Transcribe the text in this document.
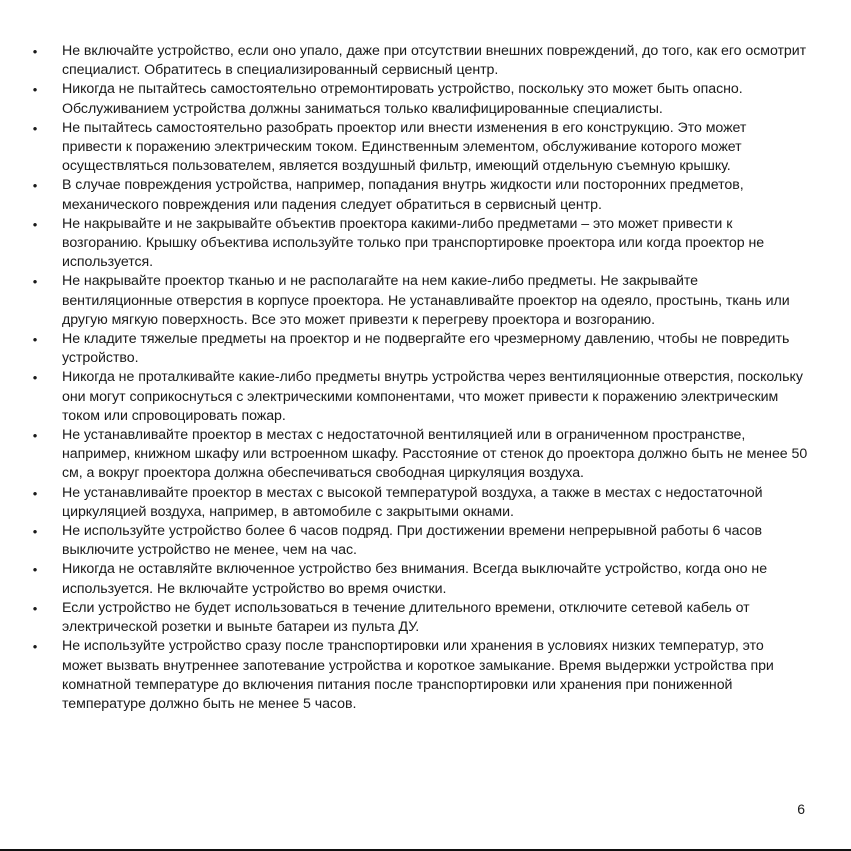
• Не включайте устройство, если оно упало, даже при отсутствии внешних повреждений, до того, как его осмотрит специалист. Обратитесь в специализированный сервисный центр.
• Никогда не пытайтесь самостоятельно отремонтировать устройство, поскольку это может быть опасно. Обслуживанием устройства должны заниматься только квалифицированные специалисты.
• Не пытайтесь самостоятельно разобрать проектор или внести изменения в его конструкцию. Это может привести к поражению электрическим током. Единственным элементом, обслуживание которого может осуществляться пользователем, является воздушный фильтр, имеющий отдельную съемную крышку.
• В случае повреждения устройства, например, попадания внутрь жидкости или посторонних предметов, механического повреждения или падения следует обратиться в сервисный центр.
• Не накрывайте и не закрывайте объектив проектора какими-либо предметами – это может привести к возгоранию. Крышку объектива используйте только при транспортировке проектора или когда проектор не используется.
• Не накрывайте проектор тканью и не располагайте на нем какие-либо предметы. Не закрывайте вентиляционные отверстия в корпусе проектора. Не устанавливайте проектор на одеяло, простынь, ткань или другую мягкую поверхность. Все это может привезти к перегреву проектора и возгоранию.
• Не кладите тяжелые предметы на проектор и не подвергайте его чрезмерному давлению, чтобы не повредить устройство.
• Никогда не проталкивайте какие-либо предметы внутрь устройства через вентиляционные отверстия, поскольку они могут соприкоснуться с электрическими компонентами, что может привести к поражению электрическим током или спровоцировать пожар.
• Не устанавливайте проектор в местах с недостаточной вентиляцией или в ограниченном пространстве, например, книжном шкафу или встроенном шкафу. Расстояние от стенок до проектора должно быть не менее 50 см, а вокруг проектора должна обеспечиваться свободная циркуляция воздуха.
• Не устанавливайте проектор в местах с высокой температурой воздуха, а также в местах с недостаточной циркуляцией воздуха, например, в автомобиле с закрытыми окнами.
• Не используйте устройство более 6 часов подряд. При достижении времени непрерывной работы 6 часов выключите устройство не менее, чем на час.
• Никогда не оставляйте включенное устройство без внимания. Всегда выключайте устройство, когда оно не используется. Не включайте устройство во время очистки.
• Если устройство не будет использоваться в течение длительного времени, отключите сетевой кабель от электрической розетки и выньте батареи из пульта ДУ.
• Не используйте устройство сразу после транспортировки или хранения в условиях низких температур, это может вызвать внутреннее запотевание устройства и короткое замыкание. Время выдержки устройства при комнатной температуре до включения питания после транспортировки или хранения при пониженной температуре должно быть не менее 5 часов.
6
